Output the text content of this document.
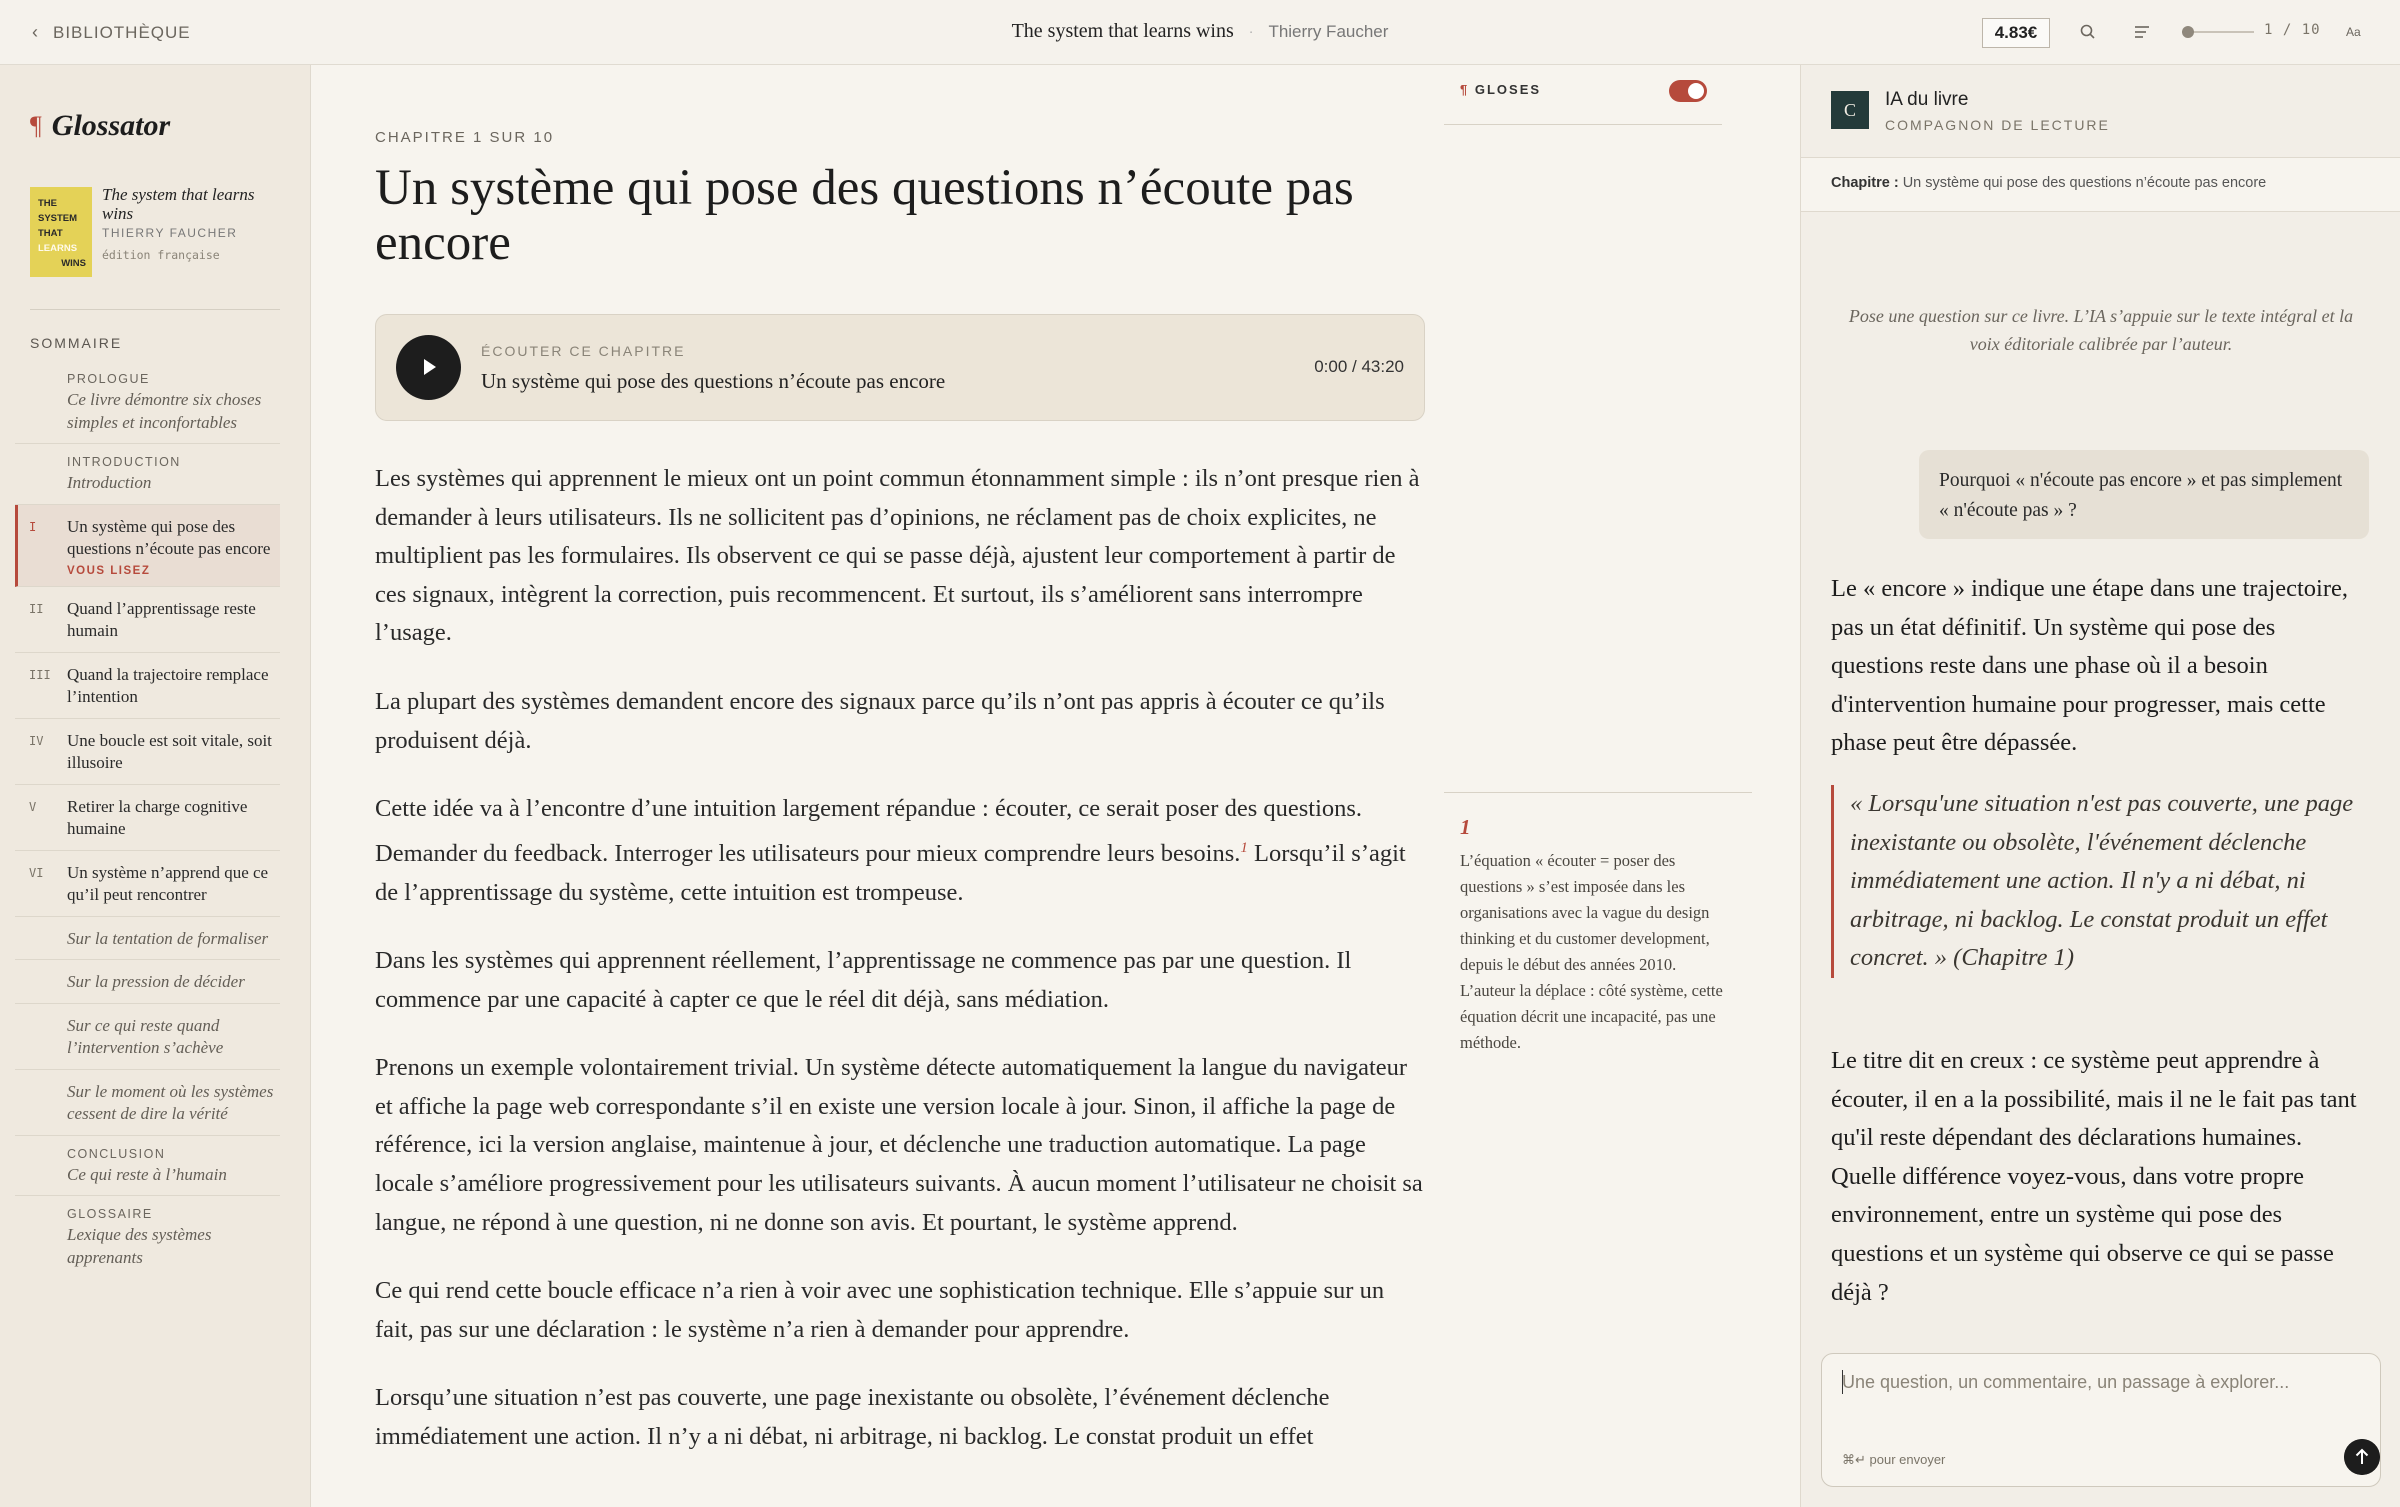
‹ BIBLIOTHÈQUE	The system that learns wins · Thierry Faucher	4.83€	1 / 10 Aa
¶ Glossator
THE
SYSTEM
THAT
LEARNS
WINS
The system that learns wins
THIERRY FAUCHER
édition française
SOMMAIRE
PROLOGUE
Ce livre démontre six choses simples et inconfortables
INTRODUCTION
Introduction
I Un système qui pose des questions n’écoute pas encore
VOUS LISEZ
II Quand l’apprentissage reste humain
III Quand la trajectoire remplace l’intention
IV Une boucle est soit vitale, soit illusoire
V Retirer la charge cognitive humaine
VI Un système n’apprend que ce qu’il peut rencontrer
Sur la tentation de formaliser
Sur la pression de décider
Sur ce qui reste quand l’intervention s’achève
Sur le moment où les systèmes cessent de dire la vérité
CONCLUSION
Ce qui reste à l’humain
GLOSSAIRE
Lexique des systèmes apprenants
CHAPITRE 1 SUR 10
Un système qui pose des questions n’écoute pas encore
ÉCOUTER CE CHAPITRE
Un système qui pose des questions n’écoute pas encore
0:00 / 43:20

Les systèmes qui apprennent le mieux ont un point commun étonnamment simple : ils n’ont presque rien à demander à leurs utilisateurs. Ils ne sollicitent pas d’opinions, ne réclament pas de choix explicites, ne multiplient pas les formulaires. Ils observent ce qui se passe déjà, ajustent leur comportement à partir de ces signaux, intègrent la correction, puis recommencent. Et surtout, ils s’améliorent sans interrompre l’usage.

La plupart des systèmes demandent encore des signaux parce qu’ils n’ont pas appris à écouter ce qu’ils produisent déjà.

Cette idée va à l’encontre d’une intuition largement répandue : écouter, ce serait poser des questions. Demander du feedback. Interroger les utilisateurs pour mieux comprendre leurs besoins.$^1$ Lorsqu’il s’agit de l’apprentissage du système, cette intuition est trompeuse.

Dans les systèmes qui apprennent réellement, l’apprentissage ne commence pas par une question. Il commence par une capacité à capter ce que le réel dit déjà, sans médiation.

Prenons un exemple volontairement trivial. Un système détecte automatiquement la langue du navigateur et affiche la page web correspondante s’il en existe une version locale à jour. Sinon, il affiche la page de référence, ici la version anglaise, maintenue à jour, et déclenche une traduction automatique. La page locale s’améliore progressivement pour les utilisateurs suivants. À aucun moment l’utilisateur ne choisit sa langue, ne répond à une question, ni ne donne son avis. Et pourtant, le système apprend.

Ce qui rend cette boucle efficace n’a rien à voir avec une sophistication technique. Elle s’appuie sur un fait, pas sur une déclaration : le système n’a rien à demander pour apprendre.

Lorsqu’une situation n’est pas couverte, une page inexistante ou obsolète, l’événement déclenche immédiatement une action. Il n’y a ni débat, ni arbitrage, ni backlog. Le constat produit un effet

¶ GLOSES
1
L’équation « écouter = poser des questions » s’est imposée dans les organisations avec la vague du design thinking et du customer development, depuis le début des années 2010. L’auteur la déplace : côté système, cette équation décrit une incapacité, pas une méthode.
C	IA du livre
COMPAGNON DE LECTURE
Chapitre : Un système qui pose des questions n’écoute pas encore
Pose une question sur ce livre. L’IA s’appuie sur le texte intégral et la voix éditoriale calibrée par l’auteur.
Pourquoi « n'écoute pas encore » et pas simplement « n'écoute pas » ?
Le « encore » indique une étape dans une trajectoire, pas un état définitif. Un système qui pose des questions reste dans une phase où il a besoin d'intervention humaine pour progresser, mais cette phase peut être dépassée.
« Lorsqu'une situation n'est pas couverte, une page inexistante ou obsolète, l'événement déclenche immédiatement une action. Il n'y a ni débat, ni arbitrage, ni backlog. Le constat produit un effet concret. » (Chapitre 1)
Le titre dit en creux : ce système peut apprendre à écouter, il en a la possibilité, mais il ne le fait pas tant qu'il reste dépendant des déclarations humaines. Quelle différence voyez-vous, dans votre propre environnement, entre un système qui pose des questions et un système qui observe ce qui se passe déjà ?
Une question, un commentaire, un passage à explorer...
⌘↵ pour envoyer
